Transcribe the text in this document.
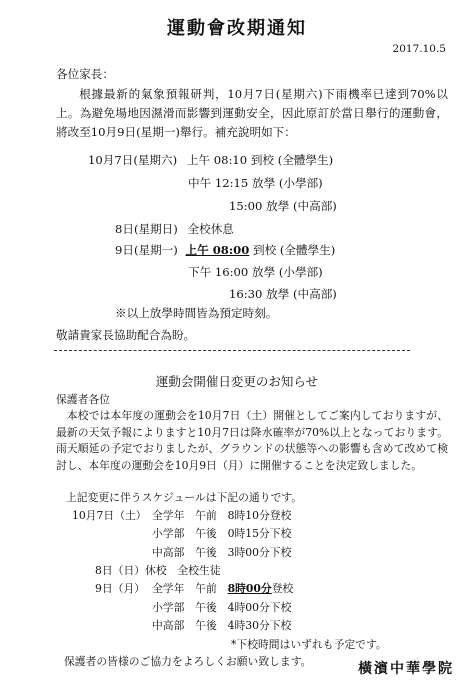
運動會改期通知
2017.10.5
各位家長：
根據最新的氣象預報研判，10月7日(星期六)下雨機率已達到70%以上。為避免場地因濕滑而影響到運動安全，因此原訂於當日舉行的運動會，將改至10月9日(星期一)舉行。補充說明如下：
10月7日(星期六) 上午 08:10 到校 (全體學生)
中午 12:15 放學 (小學部)
15:00 放學 (中高部)
8日(星期日) 全校休息
9日(星期一) 上午 08:00 到校 (全體學生)
下午 16:00 放學 (小學部)
16:30 放學 (中高部)
※以上放學時間皆為預定時刻。
敬請貴家長協助配合為盼。
運動会開催日変更のお知らせ
保護者各位
本校では本年度の運動会を10月7日（土）開催としてご案内しておりますが、最新の天気予報によりますと10月7日は降水確率が70%以上となっております。雨天順延の予定でおりましたが、グラウンドの状態等への影響も含めて改めて検討し、本年度の運動会を10月9日（月）に開催することを決定致しました。
上記変更に伴うスケジュールは下記の通りです。
10月7日（土） 全学年　午前　8時10分登校
小学部　午後　0時15分下校
中高部　午後　3時00分下校
8日（日）休校　全校生徒
9日（月） 全学年　午前　8時00分登校
小学部　午後　4時00分下校
中高部　午後　4時30分下校
*下校時間はいずれも予定です。
保護者の皆様のご協力をよろしくお願い致します。	橫濱中華學院
